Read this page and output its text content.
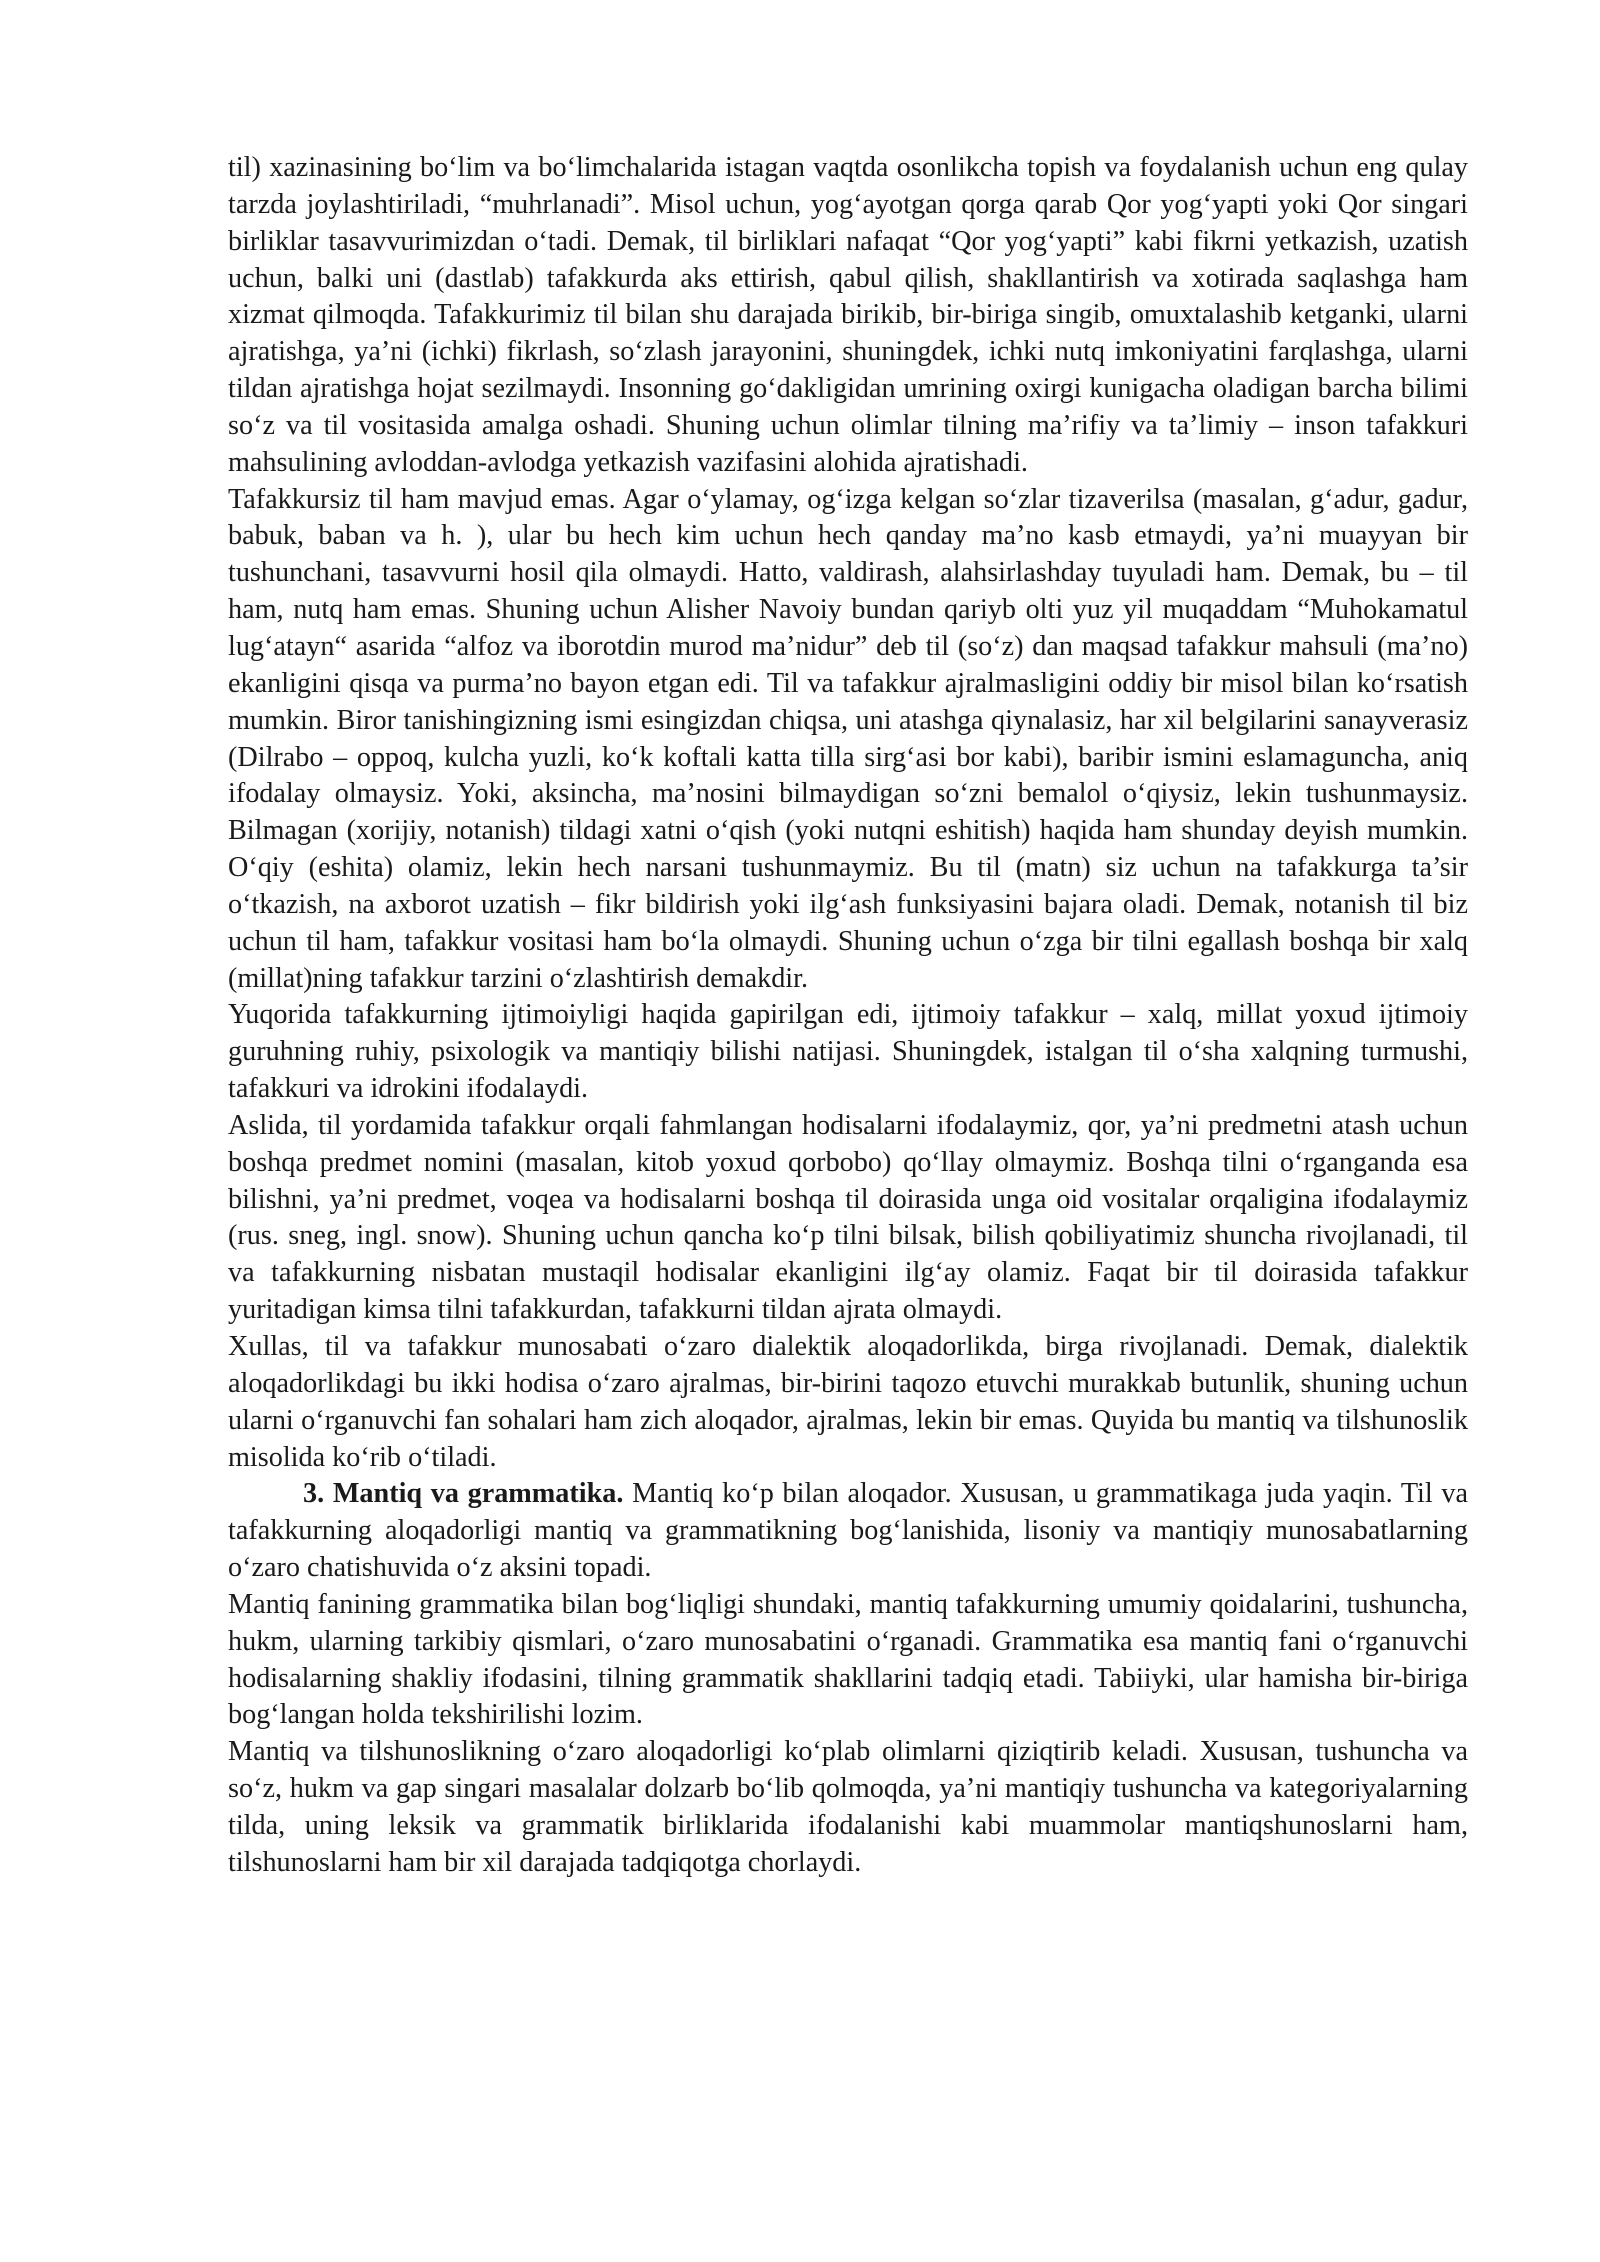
til) xazinasining bo‘lim va bo‘limchalarida istagan vaqtda osonlikcha topish va foydalanish uchun eng qulay tarzda joylashtiriladi, “muhrlanadi”. Misol uchun, yog‘ayotgan qorga qarab Qor yog‘yapti yoki Qor singari birliklar tasavvurimizdan o‘tadi. Demak, til birliklari nafaqat “Qor yog‘yapti” kabi fikrni yetkazish, uzatish uchun, balki uni (dastlab) tafakkurda aks ettirish, qabul qilish, shakllantirish va xotirada saqlashga ham xizmat qilmoqda. Tafakkurimiz til bilan shu darajada birikib, bir-biriga singib, omuxtalashib ketganki, ularni ajratishga, ya’ni (ichki) fikrlash, so‘zlash jarayonini, shuningdek, ichki nutq imkoniyatini farqlashga, ularni tildan ajratishga hojat sezilmaydi. Insonning go‘dakligidan umrining oxirgi kunigacha oladigan barcha bilimi so‘z va til vositasida amalga oshadi. Shuning uchun olimlar tilning ma’rifiy va ta’limiy – inson tafakkuri mahsulining avloddan-avlodga yetkazish vazifasini alohida ajratishadi.

Tafakkursiz til ham mavjud emas. Agar o‘ylamay, og‘izga kelgan so‘zlar tizaverilsa (masalan, g‘adur, gadur, babuk, baban va h. ), ular bu hech kim uchun hech qanday ma’no kasb etmaydi, ya’ni muayyan bir tushunchani, tasavvurni hosil qila olmaydi. Hatto, valdirash, alahsirlashday tuyuladi ham. Demak, bu – til ham, nutq ham emas. Shuning uchun Alisher Navoiy bundan qariyb olti yuz yil muqaddam “Muhokamatul lug‘atayn“ asarida “alfoz va iborotdin murod ma’nidur” deb til (so‘z) dan maqsad tafakkur mahsuli (ma’no) ekanligini qisqa va purma’no bayon etgan edi. Til va tafakkur ajralmasligini oddiy bir misol bilan ko‘rsatish mumkin. Biror tanishingizning ismi esingizdan chiqsa, uni atashga qiynalasiz, har xil belgilarini sanayverasiz (Dilrabo – oppoq, kulcha yuzli, ko‘k koftali katta tilla sirg‘asi bor kabi), baribir ismini eslamaguncha, aniq ifodalay olmaysiz. Yoki, aksincha, ma’nosini bilmaydigan so‘zni bemalol o‘qiysiz, lekin tushunmaysiz. Bilmagan (xorijiy, notanish) tildagi xatni o‘qish (yoki nutqni eshitish) haqida ham shunday deyish mumkin. O‘qiy (eshita) olamiz, lekin hech narsani tushunmaymiz. Bu til (matn) siz uchun na tafakkurga ta’sir o‘tkazish, na axborot uzatish – fikr bildirish yoki ilg‘ash funksiyasini bajara oladi. Demak, notanish til biz uchun til ham, tafakkur vositasi ham bo‘la olmaydi. Shuning uchun o‘zga bir tilni egallash boshqa bir xalq (millat)ning tafakkur tarzini o‘zlashtirish demakdir.

Yuqorida tafakkurning ijtimoiyligi haqida gapirilgan edi, ijtimoiy tafakkur – xalq, millat yoxud ijtimoiy guruhning ruhiy, psixologik va mantiqiy bilishi natijasi. Shuningdek, istalgan til o‘sha xalqning turmushi, tafakkuri va idrokini ifodalaydi.

Aslida, til yordamida tafakkur orqali fahmlangan hodisalarni ifodalaymiz, qor, ya’ni predmetni atash uchun boshqa predmet nomini (masalan, kitob yoxud qorbobo) qo‘llay olmaymiz. Boshqa tilni o‘rganganda esa bilishni, ya’ni predmet, voqea va hodisalarni boshqa til doirasida unga oid vositalar orqaligina ifodalaymiz (rus. sneg, ingl. snow). Shuning uchun qancha ko‘p tilni bilsak, bilish qobiliyatimiz shuncha rivojlanadi, til va tafakkurning nisbatan mustaqil hodisalar ekanligini ilg‘ay olamiz. Faqat bir til doirasida tafakkur yuritadigan kimsa tilni tafakkurdan, tafakkurni tildan ajrata olmaydi.

Xullas, til va tafakkur munosabati o‘zaro dialektik aloqadorlikda, birga rivojlanadi. Demak, dialektik aloqadorlikdagi bu ikki hodisa o‘zaro ajralmas, bir-birini taqozo etuvchi murakkab butunlik, shuning uchun ularni o‘rganuvchi fan sohalari ham zich aloqador, ajralmas, lekin bir emas. Quyida bu mantiq va tilshunoslik misolida ko‘rib o‘tiladi.

3. Mantiq va grammatika. Mantiq ko‘p bilan aloqador. Xususan, u grammatikaga juda yaqin. Til va tafakkurning aloqadorligi mantiq va grammatikning bog‘lanishida, lisoniy va mantiqiy munosabatlarning o‘zaro chatishuvida o‘z aksini topadi.

Mantiq fanining grammatika bilan bog‘liqligi shundaki, mantiq tafakkurning umumiy qoidalarini, tushuncha, hukm, ularning tarkibiy qismlari, o‘zaro munosabatini o‘rganadi. Grammatika esa mantiq fani o‘rganuvchi hodisalarning shakliy ifodasini, tilning grammatik shakllarini tadqiq etadi. Tabiiyki, ular hamisha bir-biriga bog‘langan holda tekshirilishi lozim.

Mantiq va tilshunoslikning o‘zaro aloqadorligi ko‘plab olimlarni qiziqtirib keladi. Xususan, tushuncha va so‘z, hukm va gap singari masalalar dolzarb bo‘lib qolmoqda, ya’ni mantiqiy tushuncha va kategoriyalarning tilda, uning leksik va grammatik birliklarida ifodalanishi kabi muammolar mantiqshunoslarni ham, tilshunoslarni ham bir xil darajada tadqiqotga chorlaydi.
